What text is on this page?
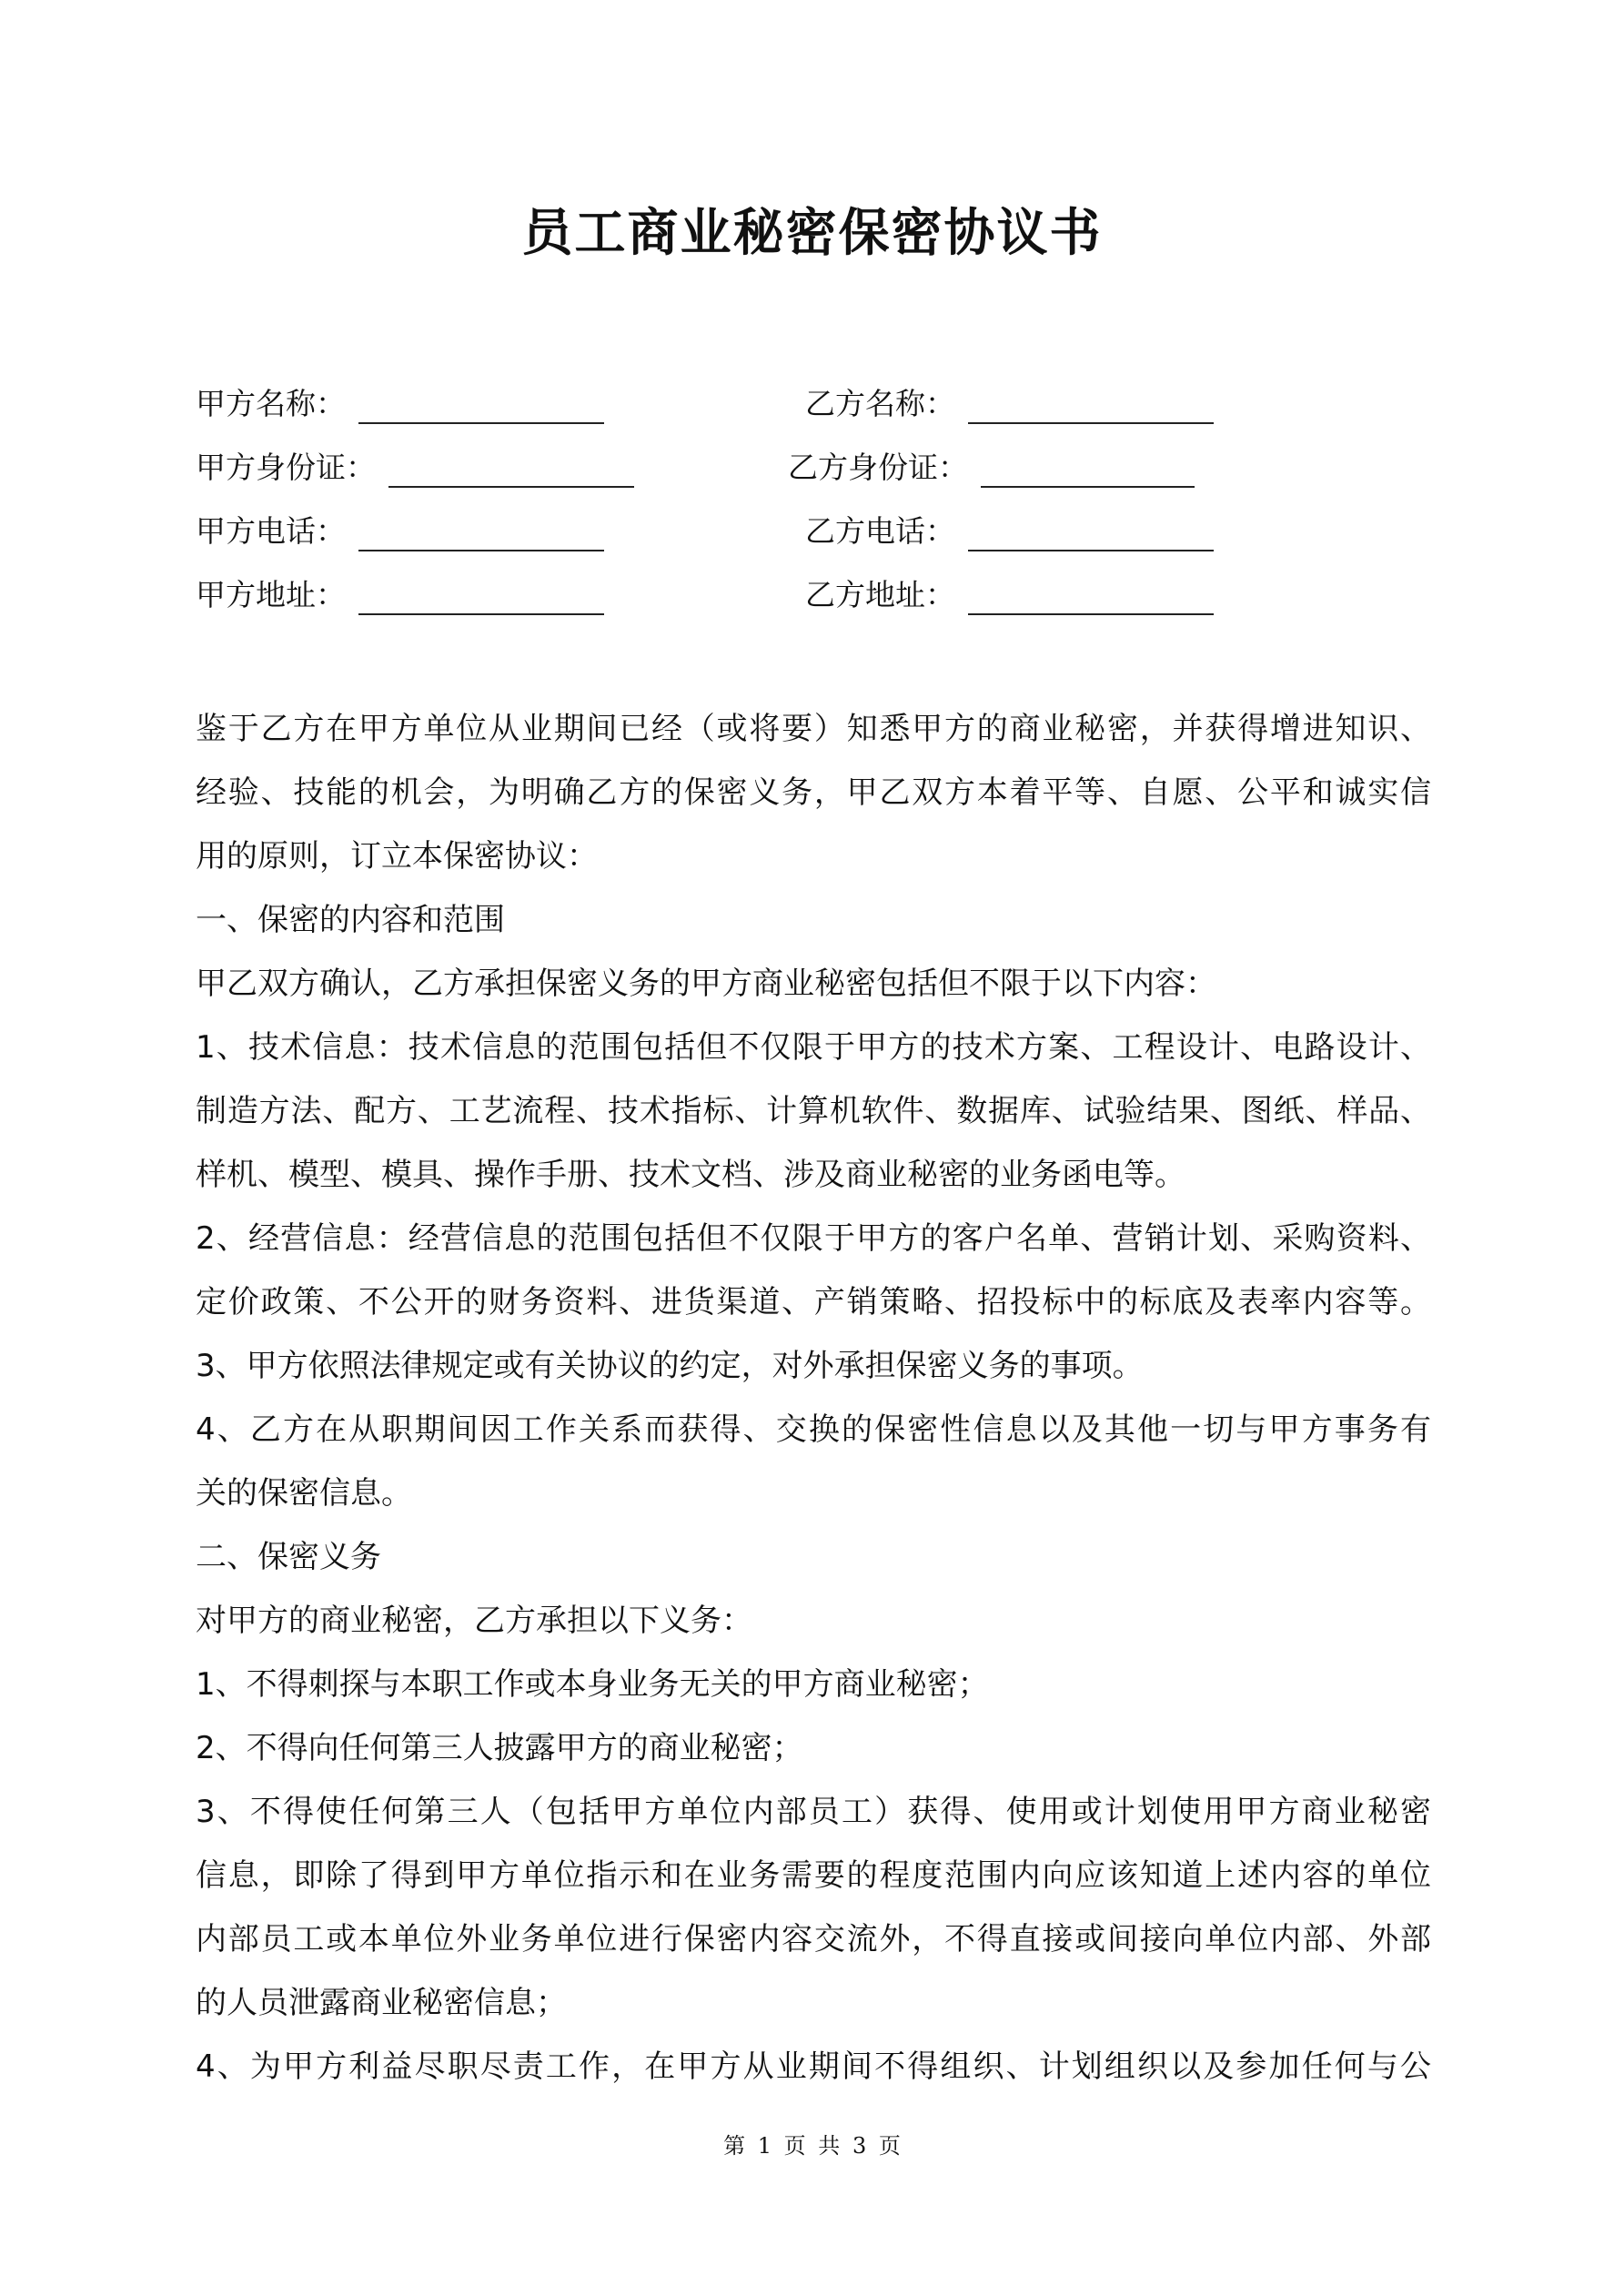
员工商业秘密保密协议书
甲方名称：
甲方身份证：
甲方电话：
甲方地址：
乙方名称：
乙方身份证：
乙方电话：
乙方地址：
鉴于乙方在甲方单位从业期间已经（或将要）知悉甲方的商业秘密，并获得增进知识、
经验、技能的机会，为明确乙方的保密义务，甲乙双方本着平等、自愿、公平和诚实信
用的原则，订立本保密协议：
一、保密的内容和范围
甲乙双方确认，乙方承担保密义务的甲方商业秘密包括但不限于以下内容：
1、技术信息：技术信息的范围包括但不仅限于甲方的技术方案、工程设计、电路设计、
制造方法、配方、工艺流程、技术指标、计算机软件、数据库、试验结果、图纸、样品、
样机、模型、模具、操作手册、技术文档、涉及商业秘密的业务函电等。
2、经营信息：经营信息的范围包括但不仅限于甲方的客户名单、营销计划、采购资料、
定价政策、不公开的财务资料、进货渠道、产销策略、招投标中的标底及表率内容等。
3、甲方依照法律规定或有关协议的约定，对外承担保密义务的事项。
4、乙方在从职期间因工作关系而获得、交换的保密性信息以及其他一切与甲方事务有
关的保密信息。
二、保密义务
对甲方的商业秘密，乙方承担以下义务：
1、不得刺探与本职工作或本身业务无关的甲方商业秘密；
2、不得向任何第三人披露甲方的商业秘密；
3、不得使任何第三人（包括甲方单位内部员工）获得、使用或计划使用甲方商业秘密
信息，即除了得到甲方单位指示和在业务需要的程度范围内向应该知道上述内容的单位
内部员工或本单位外业务单位进行保密内容交流外，不得直接或间接向单位内部、外部
的人员泄露商业秘密信息；
4、为甲方利益尽职尽责工作，在甲方从业期间不得组织、计划组织以及参加任何与公
第 1 页 共 3 页
